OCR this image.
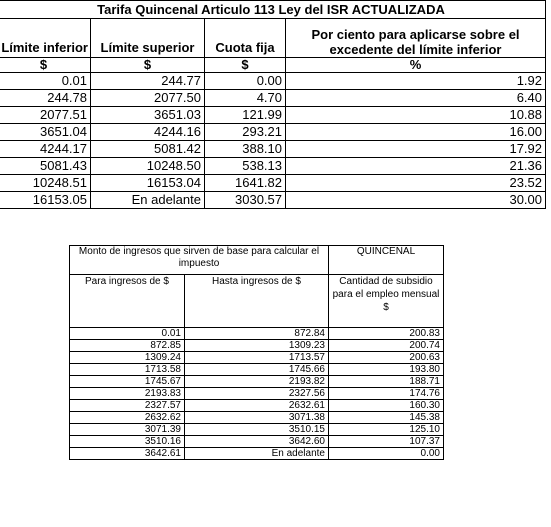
Tarifa Quincenal Articulo 113 Ley del ISR ACTUALIZADA			
Límite inferior	Límite superior	Cuota fija	Por ciento para aplicarse sobre el excedente del límite inferior
$	$	$	%
0.01	244.77	0.00	1.92
244.78	2077.50	4.70	6.40
2077.51	3651.03	121.99	10.88
3651.04	4244.16	293.21	16.00
4244.17	5081.42	388.10	17.92
5081.43	10248.50	538.13	21.36
10248.51	16153.04	1641.82	23.52
16153.05	En adelante	3030.57	30.00
Monto de ingresos que sirven de base para calcular el impuesto		QUINCENAL
Para ingresos de $	Hasta ingresos de $	Cantidad de subsidio para el empleo mensual $
0.01	872.84	200.83
872.85	1309.23	200.74
1309.24	1713.57	200.63
1713.58	1745.66	193.80
1745.67	2193.82	188.71
2193.83	2327.56	174.76
2327.57	2632.61	160.30
2632.62	3071.38	145.38
3071.39	3510.15	125.10
3510.16	3642.60	107.37
3642.61	En adelante	0.00
